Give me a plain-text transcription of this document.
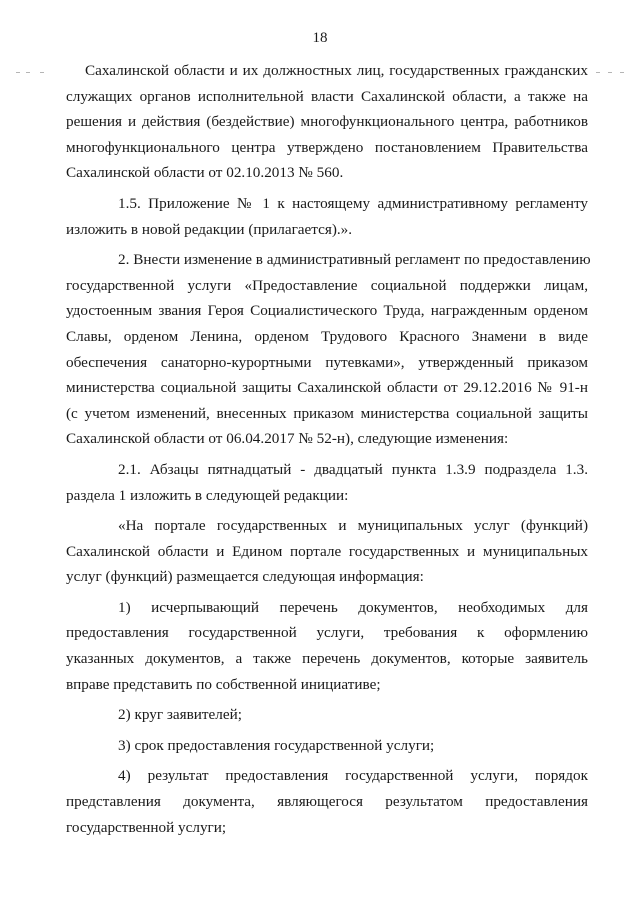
18
Сахалинской области и их должностных лиц, государственных гражданских
служащих органов исполнительной власти Сахалинской области, а также на
решения и действия (бездействие) многофункционального центра, работников
многофункционального центра утверждено постановлением Правительства
Сахалинской области от 02.10.2013 № 560.
1.5. Приложение № 1 к настоящему административному регламенту
изложить в новой редакции (прилагается).».
2. Внести изменение в административный регламент по предоставлению
государственной услуги «Предоставление социальной поддержки лицам,
удостоенным звания Героя Социалистического Труда, награжденным орденом
Славы, орденом Ленина, орденом Трудового Красного Знамени в виде
обеспечения санаторно-курортными путевками», утвержденный приказом
министерства социальной защиты Сахалинской области от 29.12.2016 № 91-н
(с учетом изменений, внесенных приказом министерства социальной защиты
Сахалинской области от 06.04.2017 № 52-н), следующие изменения:
2.1. Абзацы пятнадцатый - двадцатый пункта 1.3.9 подраздела 1.3.
раздела 1 изложить в следующей редакции:
«На портале государственных и муниципальных услуг (функций)
Сахалинской области и Едином портале государственных и муниципальных
услуг (функций) размещается следующая информация:
1) исчерпывающий перечень документов, необходимых для
предоставления государственной услуги, требования к оформлению
указанных документов, а также перечень документов, которые заявитель
вправе представить по собственной инициативе;
2) круг заявителей;
3) срок предоставления государственной услуги;
4) результат предоставления государственной услуги, порядок
представления документа, являющегося результатом предоставления
государственной услуги;
